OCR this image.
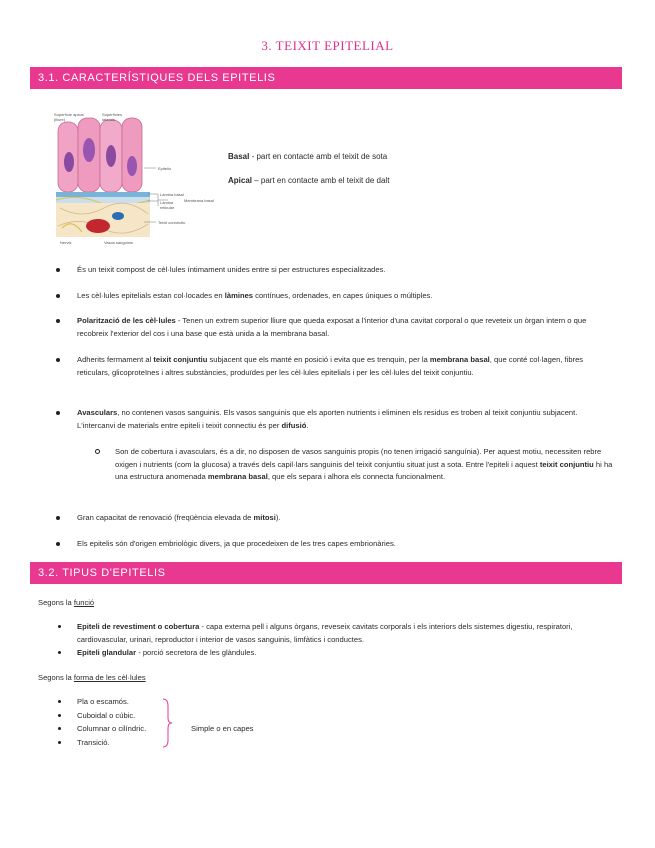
3. TEIXIT EPITELIAL
3.1. CARACTERÍSTIQUES DELS EPITELIS
Superfície apical (lliure)
Superfícies laterals
Epitelio
Làmina basal
Làmina reticular
Membrana basal
Teixit connectiu
Nervis	Vasos sanguinis
Basal - part en contacte amb el teixit de sota
Apical – part en contacte amb el teixit de dalt
És un teixit compost de cèl·lules íntimament unides entre si per estructures especialitzades.
Les cèl·lules epitelials estan col·locades en làmines contínues, ordenades, en capes úniques o múltiples.
Polarització de les cèl·lules - Tenen un extrem superior lliure que queda exposat a l'interior d'una cavitat corporal o que reveteix un òrgan intern o que recobreix l'exterior del cos i una base que està unida a la membrana basal.
Adherits fermament al teixit conjuntiu subjacent que els manté en posició i evita que es trenquin, per la membrana basal, que conté col·lagen, fibres reticulars, glicoproteïnes i altres substàncies, produïdes per les cèl·lules epitelials i per les cèl·lules del teixit conjuntiu.
Avasculars, no contenen vasos sanguinis. Els vasos sanguinis que els aporten nutrients i eliminen els residus es troben al teixit conjuntiu subjacent. L'intercanvi de materials entre epiteli i teixit connectiu és per difusió.
Gran capacitat de renovació (freqüència elevada de mitosi).
Els epitelis són d'origen embriològic divers, ja que procedeixen de les tres capes embrionàries.
Son de cobertura i avasculars, és a dir, no disposen de vasos sanguinis propis (no tenen irrigació sanguínia). Per aquest motiu, necessiten rebre oxigen i nutrients (com la glucosa) a través dels capil·lars sanguinis del teixit conjuntiu situat just a sota. Entre l'epiteli i aquest teixit conjuntiu hi ha una estructura anomenada membrana basal, que els separa i alhora els connecta funcionalment.
3.2. TIPUS D'EPITELIS
Segons la funció
Epiteli de revestiment o cobertura - capa externa pell i alguns òrgans, reveseix cavitats corporals i els interiors dels sistemes digestiu, respiratori, cardiovascular, urinari, reproductor i interior de vasos sanguinis, limfàtics i conductes.
Epiteli glandular - porció secretora de les glàndules.
Segons la forma de les cèl·lules
Pla o escamós.
Cuboidal o cúbic.
Columnar o cilíndric.
Transició.
Simple o en capes
